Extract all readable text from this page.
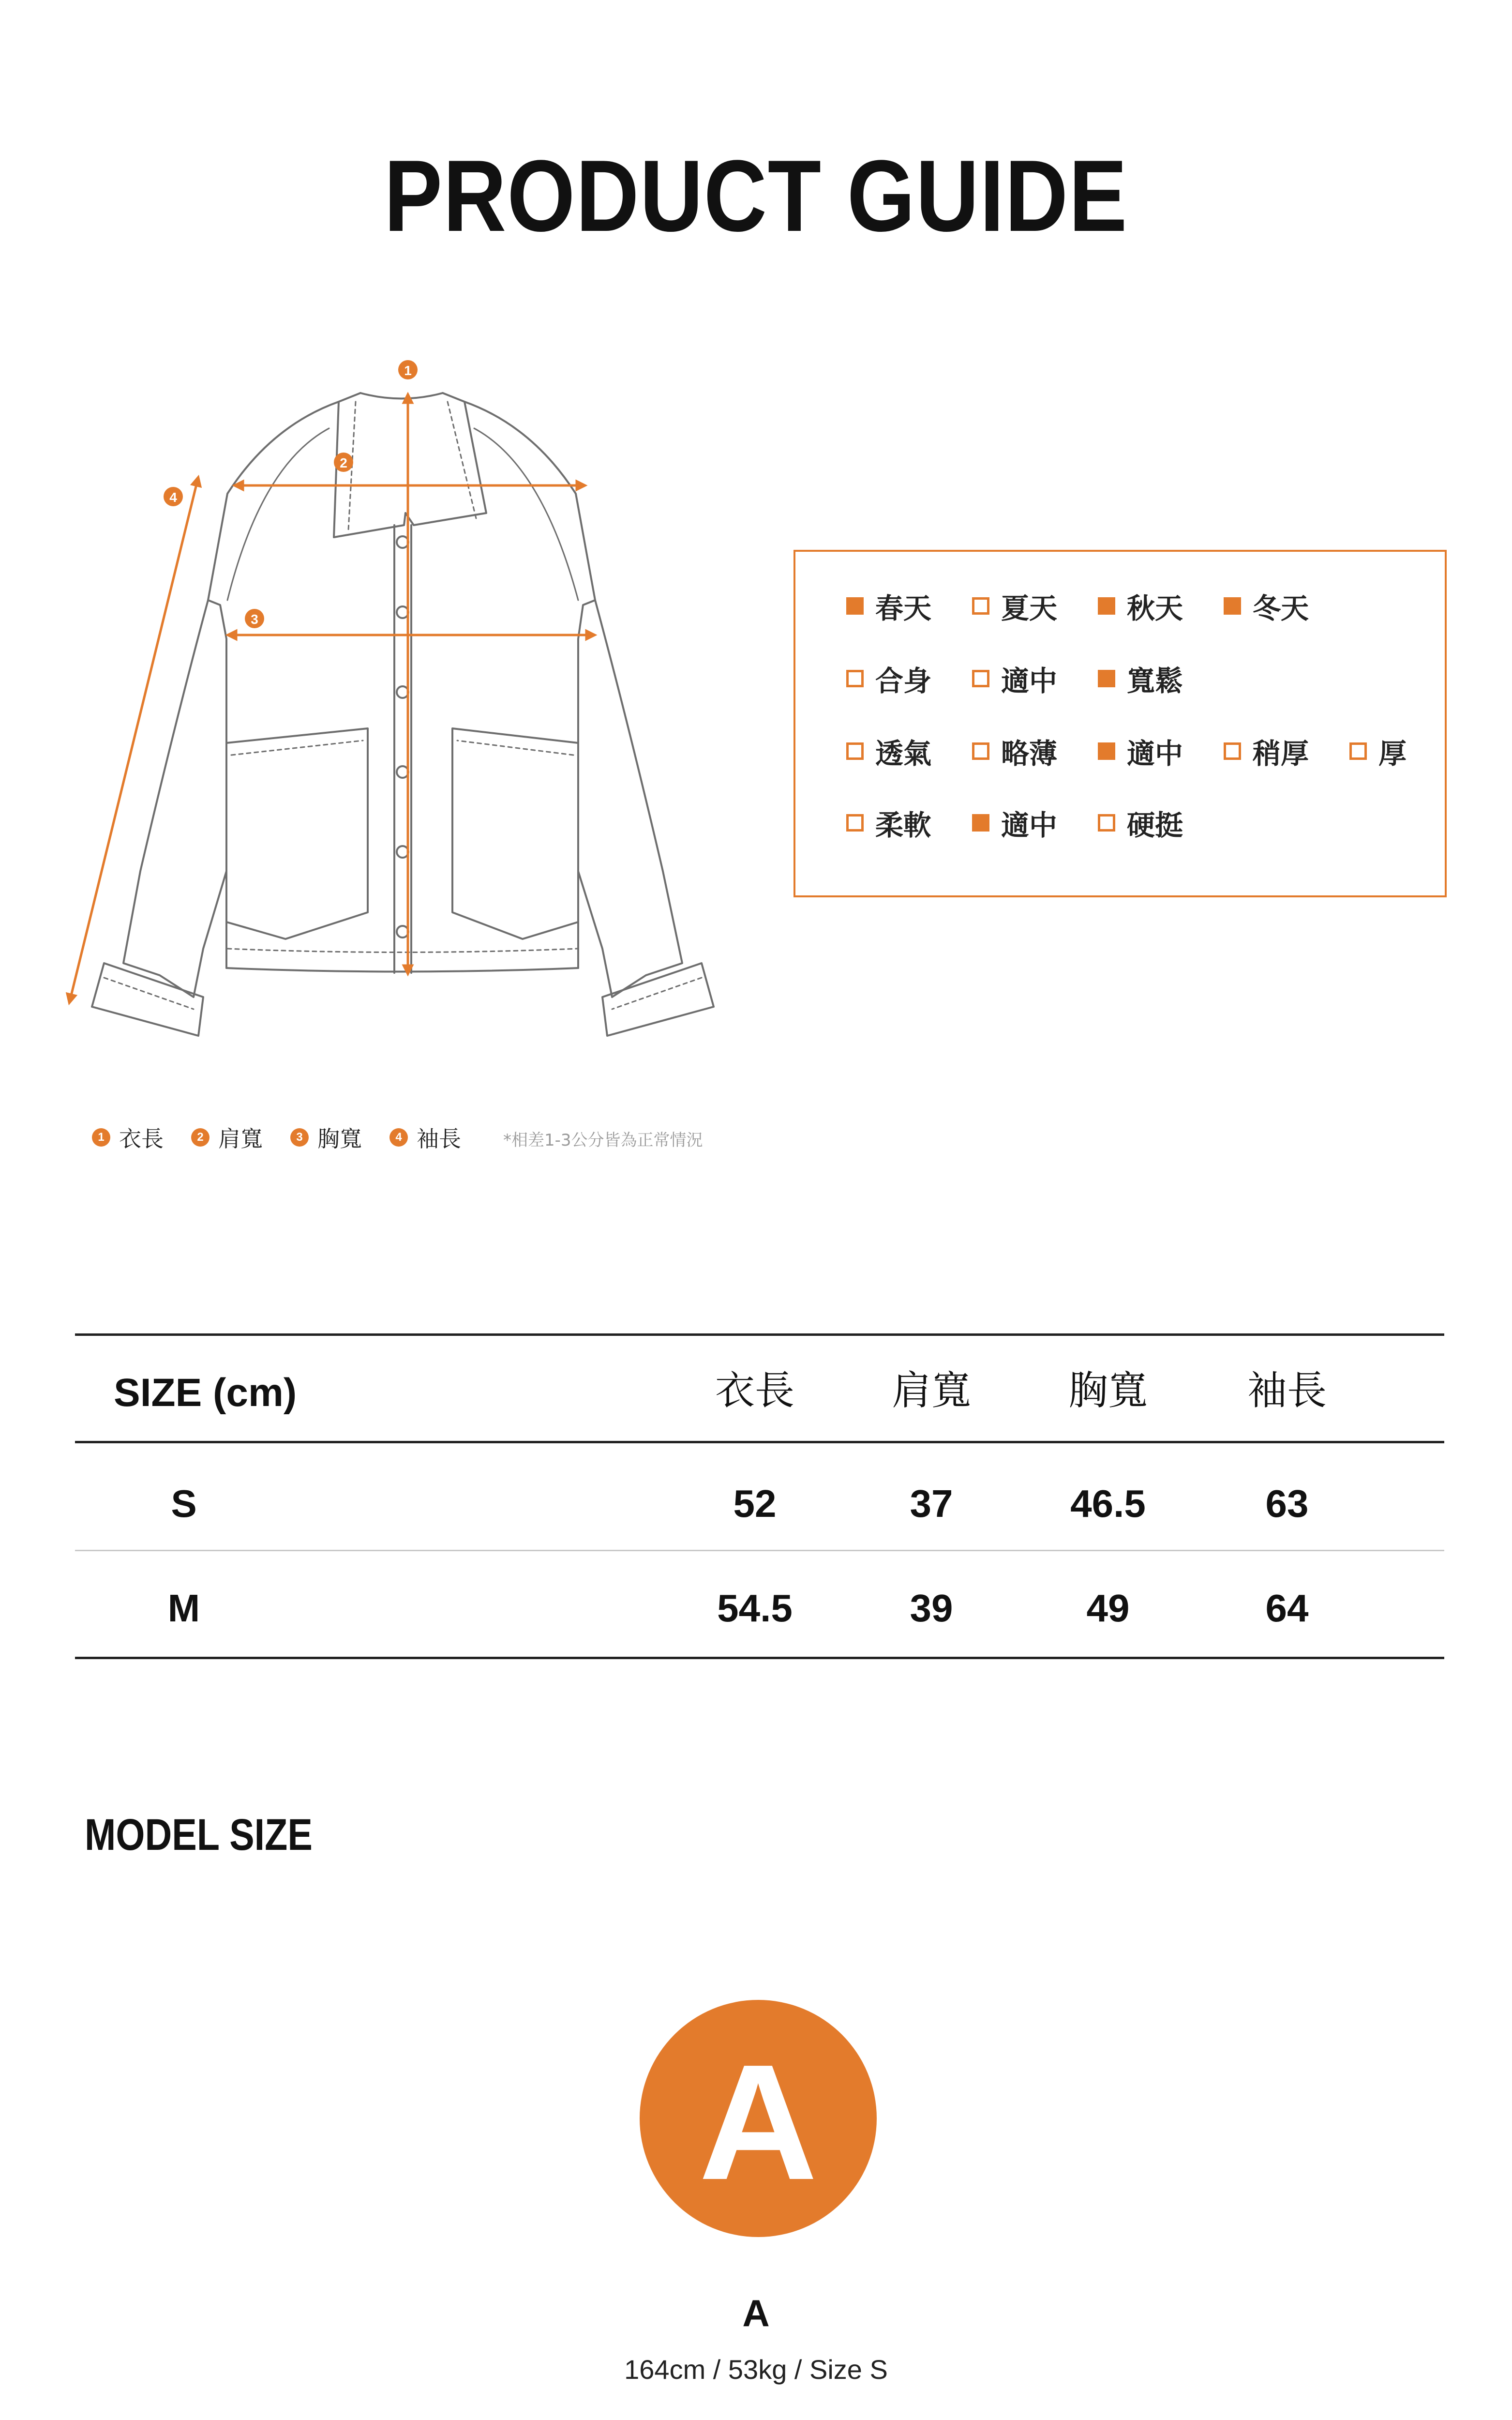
PRODUCT GUIDE
1
2
3
4
春天 夏天 秋天 冬天
合身 適中 寬鬆
透氣 略薄 適中 稍厚 厚
柔軟 適中 硬挺
1 衣長	2 肩寬	3 胸寬	4 袖長	*相差1-3公分皆為正常情況
SIZE (cm)	衣長	肩寬	胸寬	袖長
S	52	37	46.5	63
M	54.5	39	49	64
MODEL SIZE
A
A
164cm / 53kg / Size S
